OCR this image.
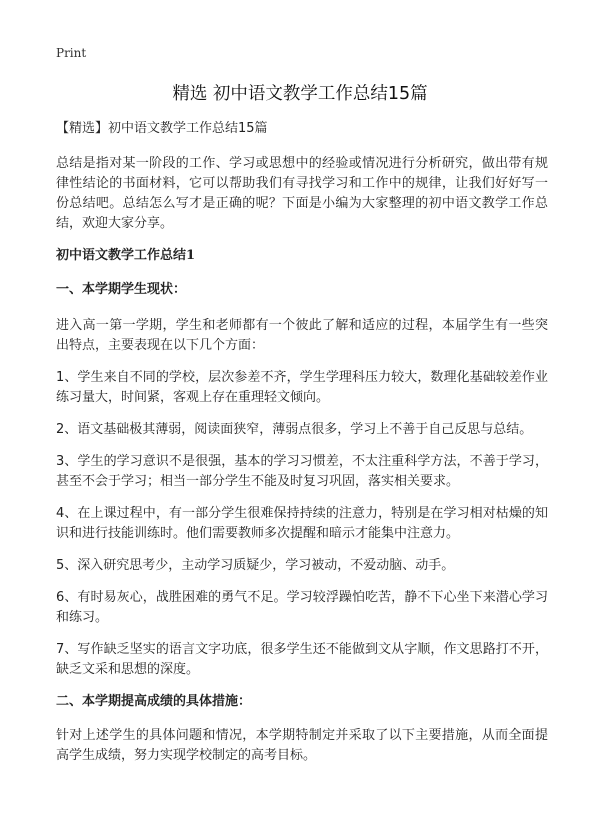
Print
精选 初中语文教学工作总结15篇

【精选】初中语文教学工作总结15篇

总结是指对某一阶段的工作、学习或思想中的经验或情况进行分析研究，做出带有规律性结论的书面材料，它可以帮助我们有寻找学习和工作中的规律，让我们好好写一份总结吧。总结怎么写才是正确的呢？下面是小编为大家整理的初中语文教学工作总结，欢迎大家分享。

初中语文教学工作总结1
一、本学期学生现状：

进入高一第一学期，学生和老师都有一个彼此了解和适应的过程，本届学生有一些突出特点，主要表现在以下几个方面：

1、学生来自不同的学校，层次参差不齐，学生学理科压力较大，数理化基础较差作业练习量大，时间紧，客观上存在重理轻文倾向。

2、语文基础极其薄弱，阅读面狭窄，薄弱点很多，学习上不善于自己反思与总结。

3、学生的学习意识不是很强，基本的学习习惯差，不太注重科学方法，不善于学习，甚至不会于学习；相当一部分学生不能及时复习巩固，落实相关要求。

4、在上课过程中，有一部分学生很难保持持续的注意力，特别是在学习相对枯燥的知识和进行技能训练时。他们需要教师多次提醒和暗示才能集中注意力。

5、深入研究思考少，主动学习质疑少，学习被动，不爱动脑、动手。

6、有时易灰心，战胜困难的勇气不足。学习较浮躁怕吃苦，静不下心坐下来潜心学习和练习。

7、写作缺乏坚实的语言文字功底，很多学生还不能做到文从字顺，作文思路打不开，缺乏文采和思想的深度。

二、本学期提高成绩的具体措施：

针对上述学生的具体问题和情况，本学期特制定并采取了以下主要措施，从而全面提高学生成绩，努力实现学校制定的高考目标。
